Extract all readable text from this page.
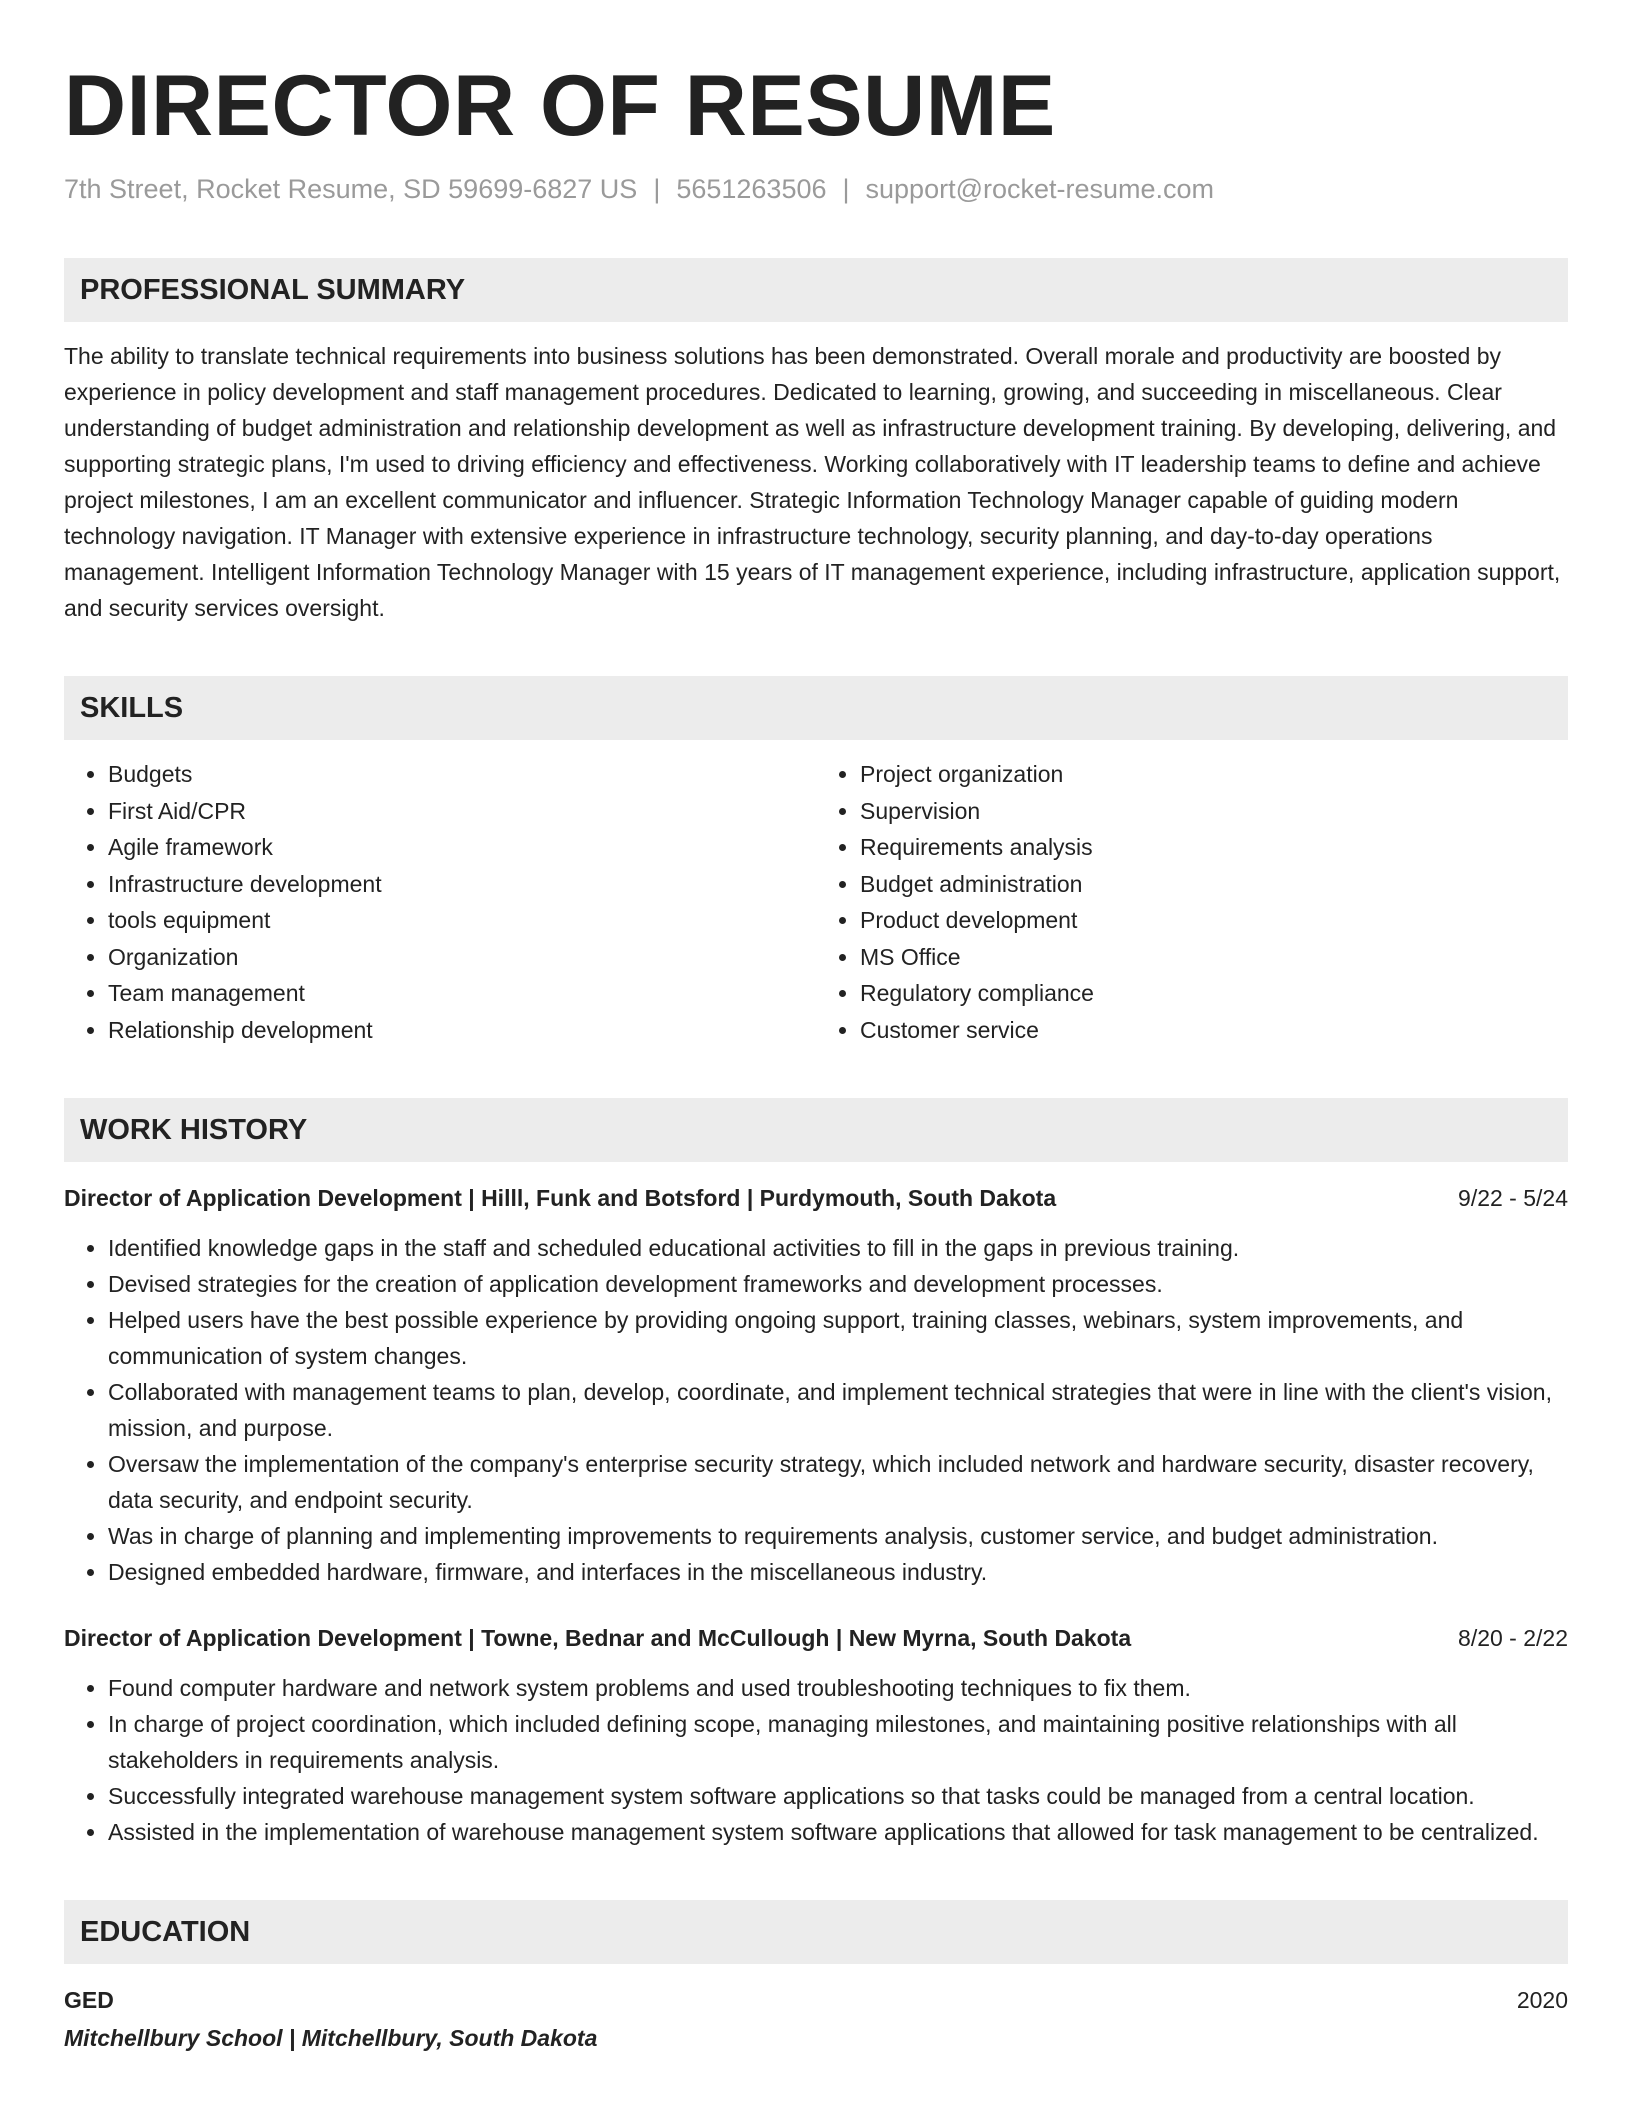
DIRECTOR OF RESUME
7th Street, Rocket Resume, SD 59699-6827 US | 5651263506 | support@rocket-resume.com
PROFESSIONAL SUMMARY
The ability to translate technical requirements into business solutions has been demonstrated. Overall morale and productivity are boosted by experience in policy development and staff management procedures. Dedicated to learning, growing, and succeeding in miscellaneous. Clear understanding of budget administration and relationship development as well as infrastructure development training. By developing, delivering, and supporting strategic plans, I'm used to driving efficiency and effectiveness. Working collaboratively with IT leadership teams to define and achieve project milestones, I am an excellent communicator and influencer. Strategic Information Technology Manager capable of guiding modern technology navigation. IT Manager with extensive experience in infrastructure technology, security planning, and day-to-day operations management. Intelligent Information Technology Manager with 15 years of IT management experience, including infrastructure, application support, and security services oversight.
SKILLS
• Budgets
• First Aid/CPR
• Agile framework
• Infrastructure development
• tools equipment
• Organization
• Team management
• Relationship development
• Project organization
• Supervision
• Requirements analysis
• Budget administration
• Product development
• MS Office
• Regulatory compliance
• Customer service
WORK HISTORY
Director of Application Development | Hilll, Funk and Botsford | Purdymouth, South Dakota	9/22 - 5/24
• Identified knowledge gaps in the staff and scheduled educational activities to fill in the gaps in previous training.
• Devised strategies for the creation of application development frameworks and development processes.
• Helped users have the best possible experience by providing ongoing support, training classes, webinars, system improvements, and communication of system changes.
• Collaborated with management teams to plan, develop, coordinate, and implement technical strategies that were in line with the client's vision, mission, and purpose.
• Oversaw the implementation of the company's enterprise security strategy, which included network and hardware security, disaster recovery, data security, and endpoint security.
• Was in charge of planning and implementing improvements to requirements analysis, customer service, and budget administration.
• Designed embedded hardware, firmware, and interfaces in the miscellaneous industry.
Director of Application Development | Towne, Bednar and McCullough | New Myrna, South Dakota	8/20 - 2/22
• Found computer hardware and network system problems and used troubleshooting techniques to fix them.
• In charge of project coordination, which included defining scope, managing milestones, and maintaining positive relationships with all stakeholders in requirements analysis.
• Successfully integrated warehouse management system software applications so that tasks could be managed from a central location.
• Assisted in the implementation of warehouse management system software applications that allowed for task management to be centralized.
EDUCATION
GED	2020
Mitchellbury School | Mitchellbury, South Dakota
